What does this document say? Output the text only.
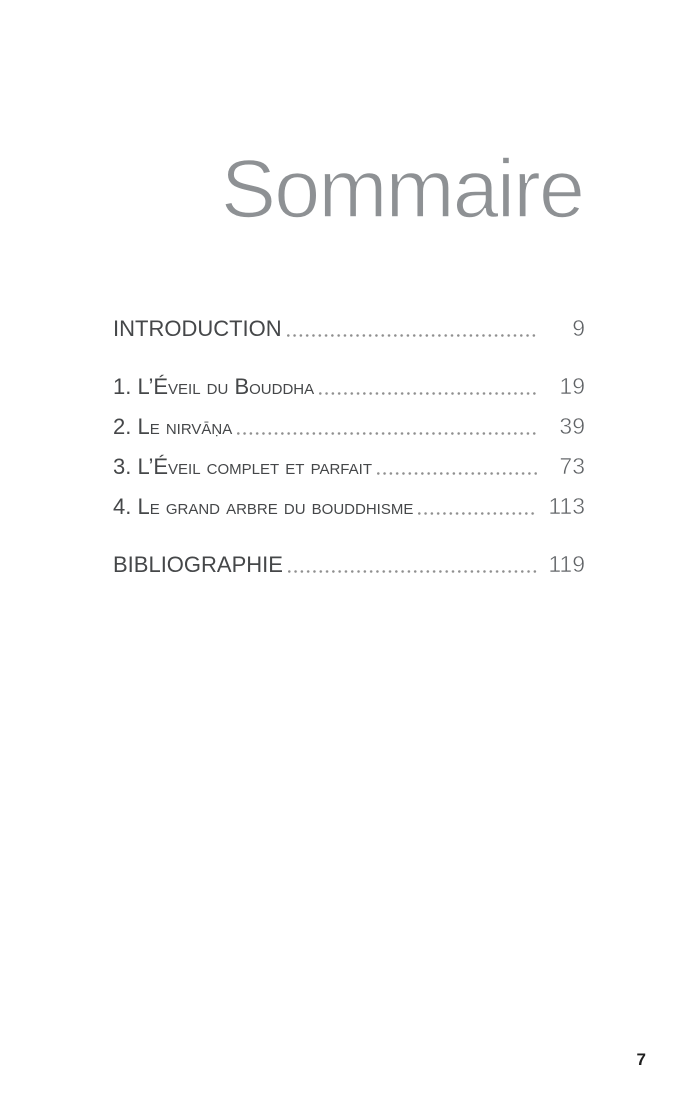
Sommaire
INTRODUCTION	9
1. L’Éveil du Bouddha	19
2. Le nirvāṇa	39
3. L’Éveil complet et parfait	73
4. Le grand arbre du bouddhisme	113
BIBLIOGRAPHIE	119
7
